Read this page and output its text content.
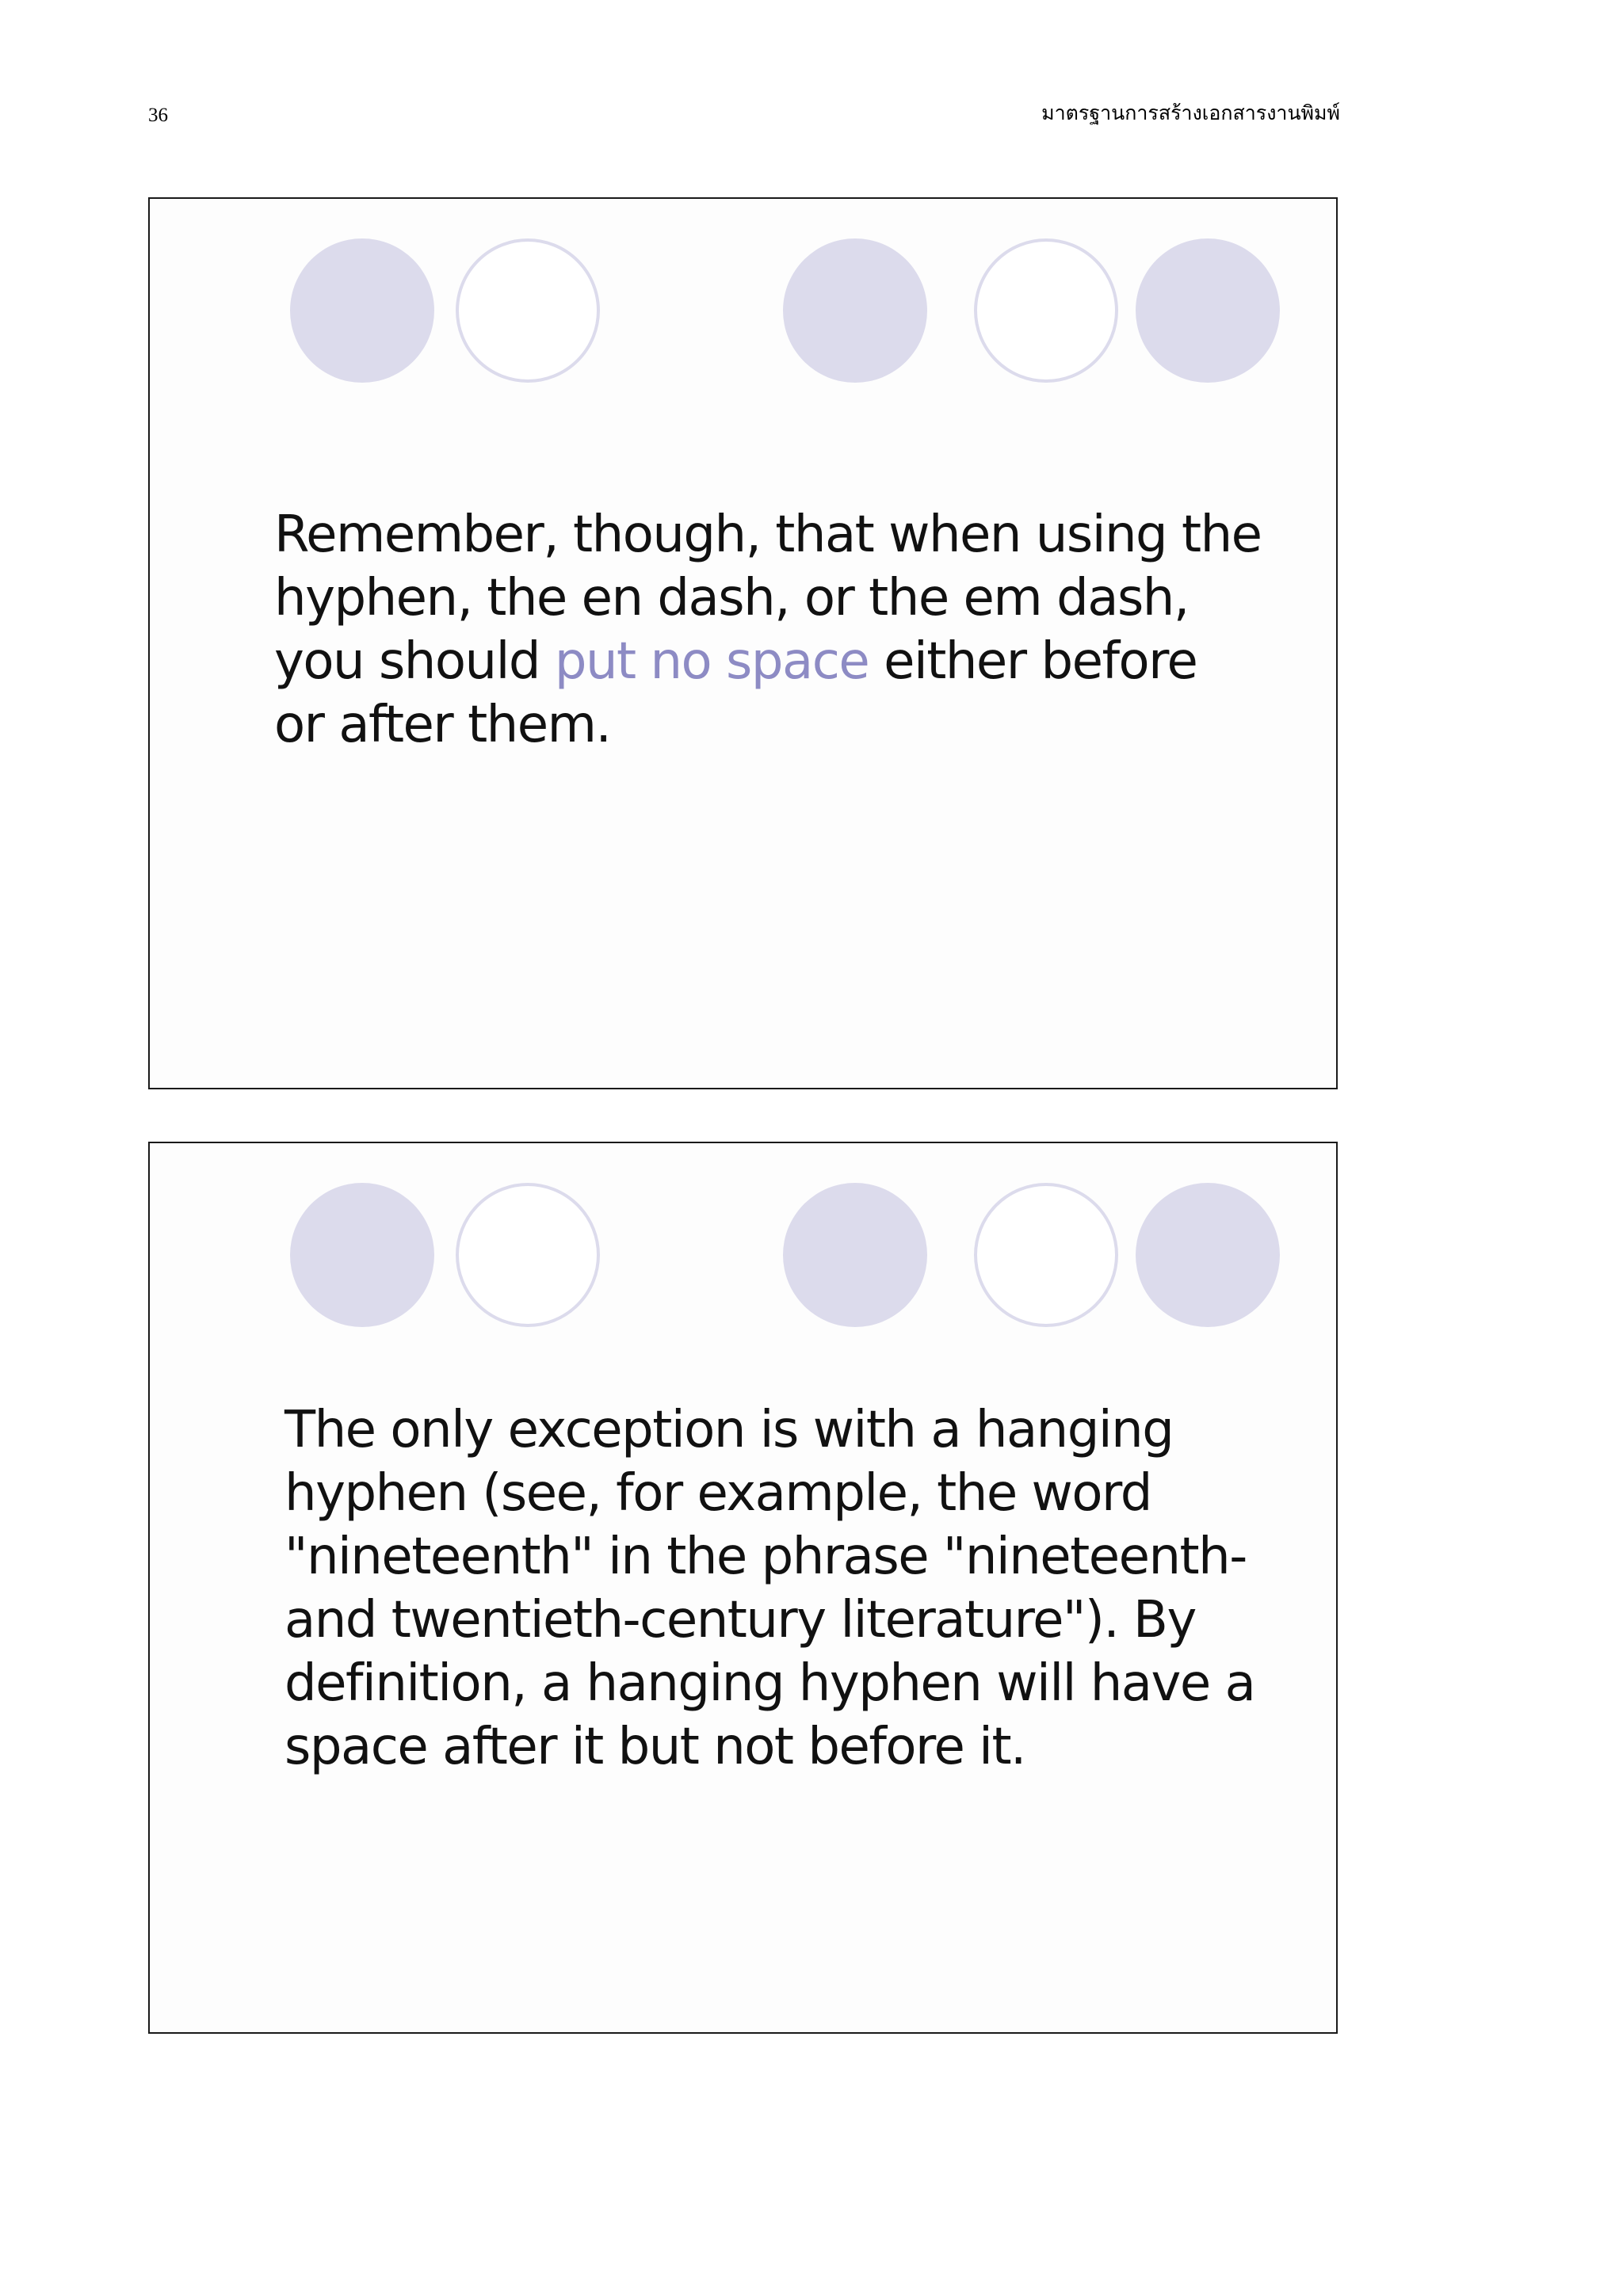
36	มาตรฐานการสร้างเอกสารงานพิมพ์

Remember, though, that when using the
hyphen, the en dash, or the em dash,
you should put no space either before
or after them.

The only exception is with a hanging
hyphen (see, for example, the word
"nineteenth" in the phrase "nineteenth-
and twentieth-century literature"). By
definition, a hanging hyphen will have a
space after it but not before it.
